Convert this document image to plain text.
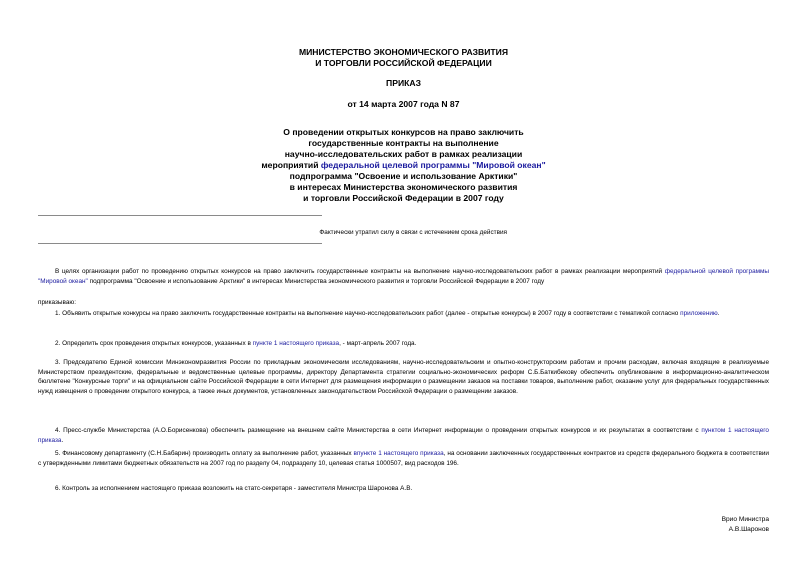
МИНИСТЕРСТВО ЭКОНОМИЧЕСКОГО РАЗВИТИЯ
И ТОРГОВЛИ РОССИЙСКОЙ ФЕДЕРАЦИИ
ПРИКАЗ
от 14 марта 2007 года N 87
О проведении открытых конкурсов на право заключить
государственные контракты на выполнение
научно-исследовательских работ в рамках реализации
мероприятий федеральной целевой программы "Мировой океан"
подпрограмма "Освоение и использование Арктики"
в интересах Министерства экономического развития
и торговли Российской Федерации в 2007 году
Фактически утратил силу в связи с истечением срока действия
В целях организации работ по проведению открытых конкурсов на право заключить государственные контракты на выполнение научно-исследовательских работ в рамках реализации мероприятий федеральной целевой программы "Мировой океан" подпрограмма "Освоение и использование Арктики" в интересах Министерства экономического развития и торговли Российской Федерации в 2007 году
приказываю:
1. Объявить открытые конкурсы на право заключить государственные контракты на выполнение научно-исследовательских работ (далее - открытые конкурсы) в 2007 году в соответствии с тематикой согласно приложению.
2. Определить срок проведения открытых конкурсов, указанных в пункте 1 настоящего приказа, - март-апрель 2007 года.
3. Председателю Единой комиссии Минэкономразвития России по прикладным экономическим исследованиям, научно-исследовательским и опытно-конструкторским работам и прочим расходам, включая входящие в реализуемые Министерством президентские, федеральные и ведомственные целевые программы, директору Департамента стратегии социально-экономических реформ С.Б.Баткибекову обеспечить опубликование в информационно-аналитическом бюллетене "Конкурсные торги" и на официальном сайте Российской Федерации в сети Интернет для размещения информации о размещении заказов на поставки товаров, выполнение работ, оказание услуг для федеральных государственных нужд извещения о проведении открытого конкурса, а также иных документов, установленных законодательством Российской Федерации о размещении заказов.
4. Пресс-службе Министерства (А.О.Борисенкова) обеспечить размещение на внешнем сайте Министерства в сети Интернет информации о проведении открытых конкурсов и их результатах в соответствии с пунктом 1 настоящего приказа.
5. Финансовому департаменту (С.Н.Бабарин) производить оплату за выполнение работ, указанных впункте 1 настоящего приказа, на основании заключенных государственных контрактов из средств федерального бюджета в соответствии с утвержденными лимитами бюджетных обязательств на 2007 год по разделу 04, подразделу 10, целевая статья 1000507, вид расходов 196.
6. Контроль за исполнением настоящего приказа возложить на статс-секретаря - заместителя Министра Шаронова А.В.
Врио Министра
А.В.Шаронов
